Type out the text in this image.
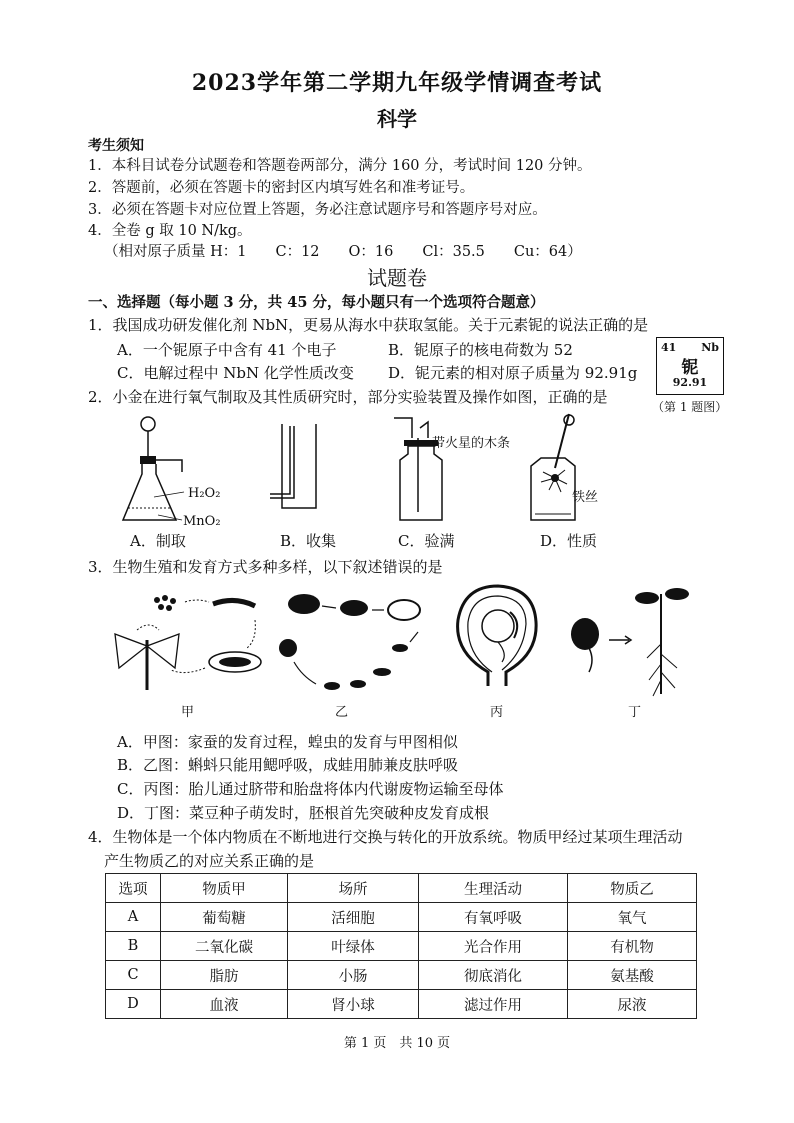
2023学年第二学期九年级学情调查考试
科学
考生须知
1．本科目试卷分试题卷和答题卷两部分，满分 160 分，考试时间 120 分钟。
2．答题前，必须在答题卡的密封区内填写姓名和准考证号。
3．必须在答题卡对应位置上答题，务必注意试题序号和答题序号对应。
4．全卷 g 取 10 N/kg。
（相对原子质量 H：1　　C：12　　O：16　　Cl：35.5　　Cu：64）
试题卷
一、选择题（每小题 3 分，共 45 分，每小题只有一个选项符合题意）
1．我国成功研发催化剂 NbN，更易从海水中获取氢能。关于元素铌的说法正确的是
A．一个铌原子中含有 41 个电子	B．铌原子的核电荷数为 52
C．电解过程中 NbN 化学性质改变 D．铌元素的相对原子质量为 92.91g
41 Nb
铌
92.91
（第 1 题图）
2．小金在进行氧气制取及其性质研究时，部分实验装置及操作如图，正确的是
H₂O₂
MnO₂
带火星的木条
铁丝
A．制取	B．收集	C．验满	D．性质
3．生物生殖和发育方式多种多样，以下叙述错误的是
甲	乙	丙	丁
A．甲图：家蚕的发育过程，蝗虫的发育与甲图相似
B．乙图：蝌蚪只能用鳃呼吸，成蛙用肺兼皮肤呼吸
C．丙图：胎儿通过脐带和胎盘将体内代谢废物运输至母体
D．丁图：菜豆种子萌发时，胚根首先突破种皮发育成根
4．生物体是一个体内物质在不断地进行交换与转化的开放系统。物质甲经过某项生理活动
产生物质乙的对应关系正确的是
选项	物质甲	场所	生理活动	物质乙
A	葡萄糖	活细胞	有氧呼吸	氧气
B	二氧化碳	叶绿体	光合作用	有机物
C	脂肪	小肠	彻底消化	氨基酸
D	血液	肾小球	滤过作用	尿液
第 1 页　共 10 页
